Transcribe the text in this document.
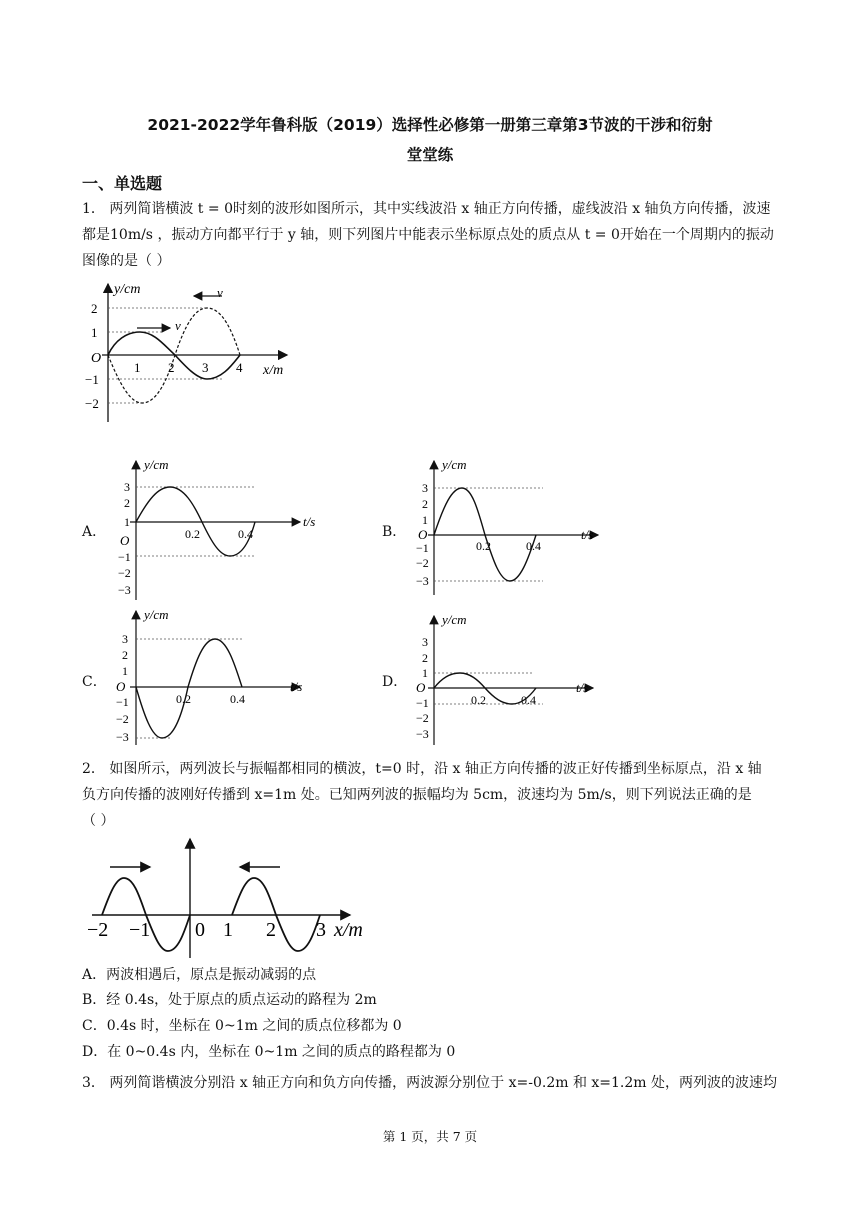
2021-2022学年鲁科版（2019）选择性必修第一册第三章第3节波的干涉和衍射
堂堂练
一、单选题
1． 两列简谐横波 t = 0时刻的波形如图所示，其中实线波沿 x 轴正方向传播，虚线波沿 x 轴负方向传播，波速
都是10m/s ，振动方向都平行于 y 轴，则下列图片中能表示坐标原点处的质点从 t = 0开始在一个周期内的振动
图像的是（ ）
y/cm
x/m
O
2
1
−1
−2
1 2 3 4
v
v
A．	B．
C．	D．
y/cm
t/s
O
3
2
1
−1
−2
−3
0.2	0.4
y/cm
t/s
O
3
2
1
−1
−2
−3
0.2	0.4
y/cm
t/s
O
3
2
1
−1
−2
−3
0.2	0.4
y/cm
t/s
O
3
2
1
−1
−2
−3
0.2	0.4
2． 如图所示，两列波长与振幅都相同的横波，t=0 时，沿 x 轴正方向传播的波正好传播到坐标原点，沿 x 轴
负方向传播的波刚好传播到 x=1m 处。已知两列波的振幅均为 5cm，波速均为 5m/s，则下列说法正确的是
（ ）
−2 −1 0 1 2 3 x/m
A．两波相遇后，原点是振动减弱的点
B．经 0.4s，处于原点的质点运动的路程为 2m
C．0.4s 时，坐标在 0~1m 之间的质点位移都为 0
D．在 0~0.4s 内，坐标在 0~1m 之间的质点的路程都为 0
3． 两列简谐横波分别沿 x 轴正方向和负方向传播，两波源分别位于 x=-0.2m 和 x=1.2m 处，两列波的波速均
第 1 页，共 7 页
